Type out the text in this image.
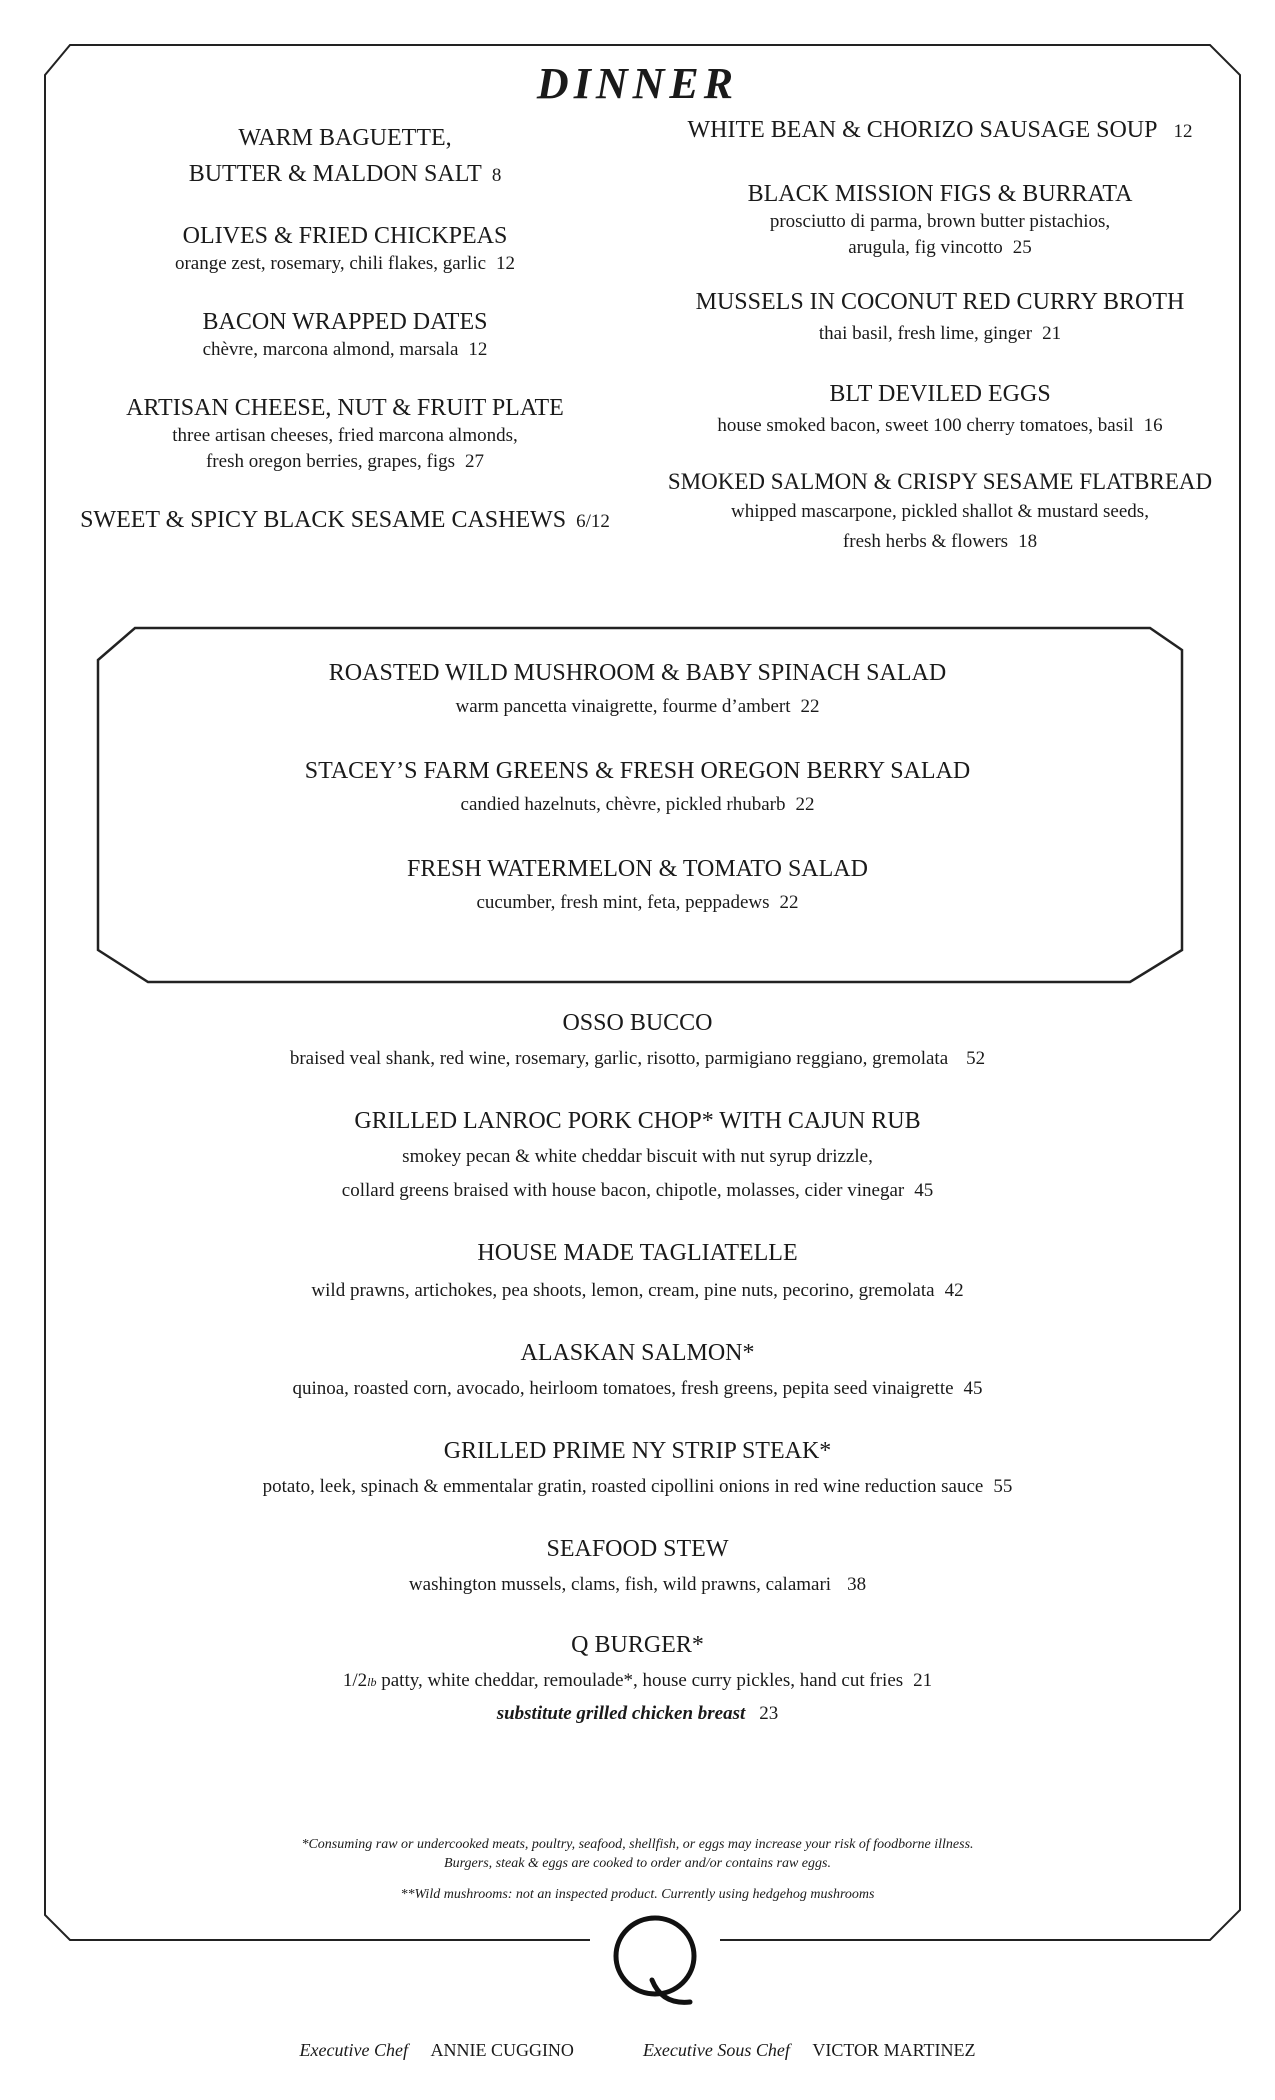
DINNER
WARM BAGUETTE,
BUTTER & MALDON SALT 8
OLIVES & FRIED CHICKPEAS
orange zest, rosemary, chili flakes, garlic 12
BACON WRAPPED DATES
chèvre, marcona almond, marsala 12
ARTISAN CHEESE, NUT & FRUIT PLATE
three artisan cheeses, fried marcona almonds,
fresh oregon berries, grapes, figs 27
SWEET & SPICY BLACK SESAME CASHEWS 6/12
WHITE BEAN & CHORIZO SAUSAGE SOUP 12
BLACK MISSION FIGS & BURRATA
prosciutto di parma, brown butter pistachios,
arugula, fig vincotto 25
MUSSELS IN COCONUT RED CURRY BROTH
thai basil, fresh lime, ginger 21
BLT DEVILED EGGS
house smoked bacon, sweet 100 cherry tomatoes, basil 16
SMOKED SALMON & CRISPY SESAME FLATBREAD
whipped mascarpone, pickled shallot & mustard seeds,
fresh herbs & flowers 18
ROASTED WILD MUSHROOM & BABY SPINACH SALAD
warm pancetta vinaigrette, fourme d’ambert 22
STACEY’S FARM GREENS & FRESH OREGON BERRY SALAD
candied hazelnuts, chèvre, pickled rhubarb 22
FRESH WATERMELON & TOMATO SALAD
cucumber, fresh mint, feta, peppadews 22
OSSO BUCCO
braised veal shank, red wine, rosemary, garlic, risotto, parmigiano reggiano, gremolata 52
GRILLED LANROC PORK CHOP* WITH CAJUN RUB
smokey pecan & white cheddar biscuit with nut syrup drizzle,
collard greens braised with house bacon, chipotle, molasses, cider vinegar 45
HOUSE MADE TAGLIATELLE
wild prawns, artichokes, pea shoots, lemon, cream, pine nuts, pecorino, gremolata 42
ALASKAN SALMON*
quinoa, roasted corn, avocado, heirloom tomatoes, fresh greens, pepita seed vinaigrette 45
GRILLED PRIME NY STRIP STEAK*
potato, leek, spinach & emmentalar gratin, roasted cipollini onions in red wine reduction sauce 55
SEAFOOD STEW
washington mussels, clams, fish, wild prawns, calamari 38
Q BURGER*
1/2lb patty, white cheddar, remoulade*, house curry pickles, hand cut fries 21
substitute grilled chicken breast 23
*Consuming raw or undercooked meats, poultry, seafood, shellfish, or eggs may increase your risk of foodborne illness.
Burgers, steak & eggs are cooked to order and/or contains raw eggs.
**Wild mushrooms: not an inspected product. Currently using hedgehog mushrooms
Executive Chef ANNIE CUGGINO	Executive Sous Chef VICTOR MARTINEZ
